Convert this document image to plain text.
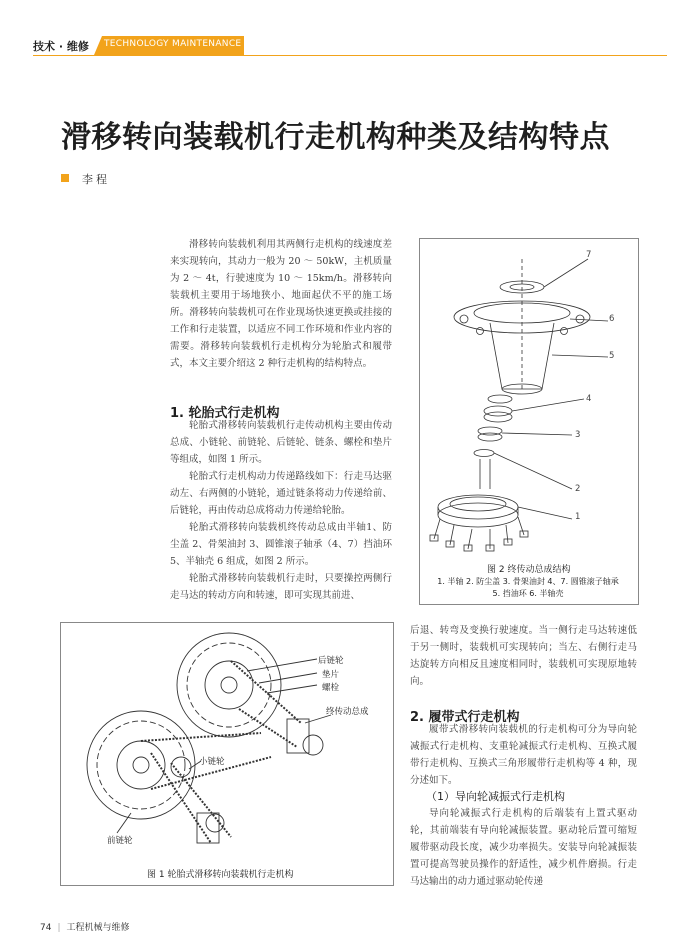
技术 · 维修 TECHNOLOGY MAINTENANCE
滑移转向装载机行走机构种类及结构特点
李程

滑移转向装载机利用其两侧行走机构的线速度差来实现转向，其动力一般为 20 ～ 50kW，主机质量为 2 ～ 4t，行驶速度为 10 ～ 15km/h。滑移转向装载机主要用于场地狭小、地面起伏不平的施工场所。滑移转向装载机可在作业现场快速更换或挂接的工作和行走装置，以适应不同工作环境和作业内容的需要。滑移转向装载机行走机构分为轮胎式和履带式，本文主要介绍这 2 种行走机构的结构特点。

1. 轮胎式行走机构

轮胎式滑移转向装载机行走传动机构主要由传动总成、小链轮、前链轮、后链轮、链条、螺栓和垫片等组成，如图 1 所示。

轮胎式行走机构动力传递路线如下：行走马达驱动左、右两侧的小链轮，通过链条将动力传递给前、后链轮，再由传动总成将动力传递给轮胎。

轮胎式滑移转向装载机终传动总成由半轴1、防尘盖 2、骨架油封 3、圆锥滚子轴承（4、7）挡油环 5、半轴壳 6 组成，如图 2 所示。

轮胎式滑移转向装载机行走时，只要操控两侧行走马达的转动方向和转速，即可实现其前进、

7
6
5
4
3
2
1
图 2 终传动总成结构
1. 半轴 2. 防尘盖 3. 骨架油封 4、7. 圆锥滚子轴承
5. 挡油环 6. 半轴壳
后链轮
垫片
螺栓
终传动总成
小链轮
前链轮
图 1 轮胎式滑移转向装载机行走机构

后退、转弯及变换行驶速度。当一侧行走马达转速低于另一侧时，装载机可实现转向；当左、右侧行走马达旋转方向相反且速度相同时，装载机可实现原地转向。

2. 履带式行走机构

履带式滑移转向装载机的行走机构可分为导向轮减振式行走机构、支重轮减振式行走机构、互换式履带行走机构、互换式三角形履带行走机构等 4 种，现分述如下。

（1）导向轮减振式行走机构

导向轮减振式行走机构的后端装有上置式驱动轮，其前端装有导向轮减振装置。驱动轮后置可缩短履带驱动段长度，减少功率损失。安装导向轮减振装置可提高驾驶员操作的舒适性，减少机件磨损。行走马达输出的动力通过驱动轮传递

74 | 工程机械与维修
